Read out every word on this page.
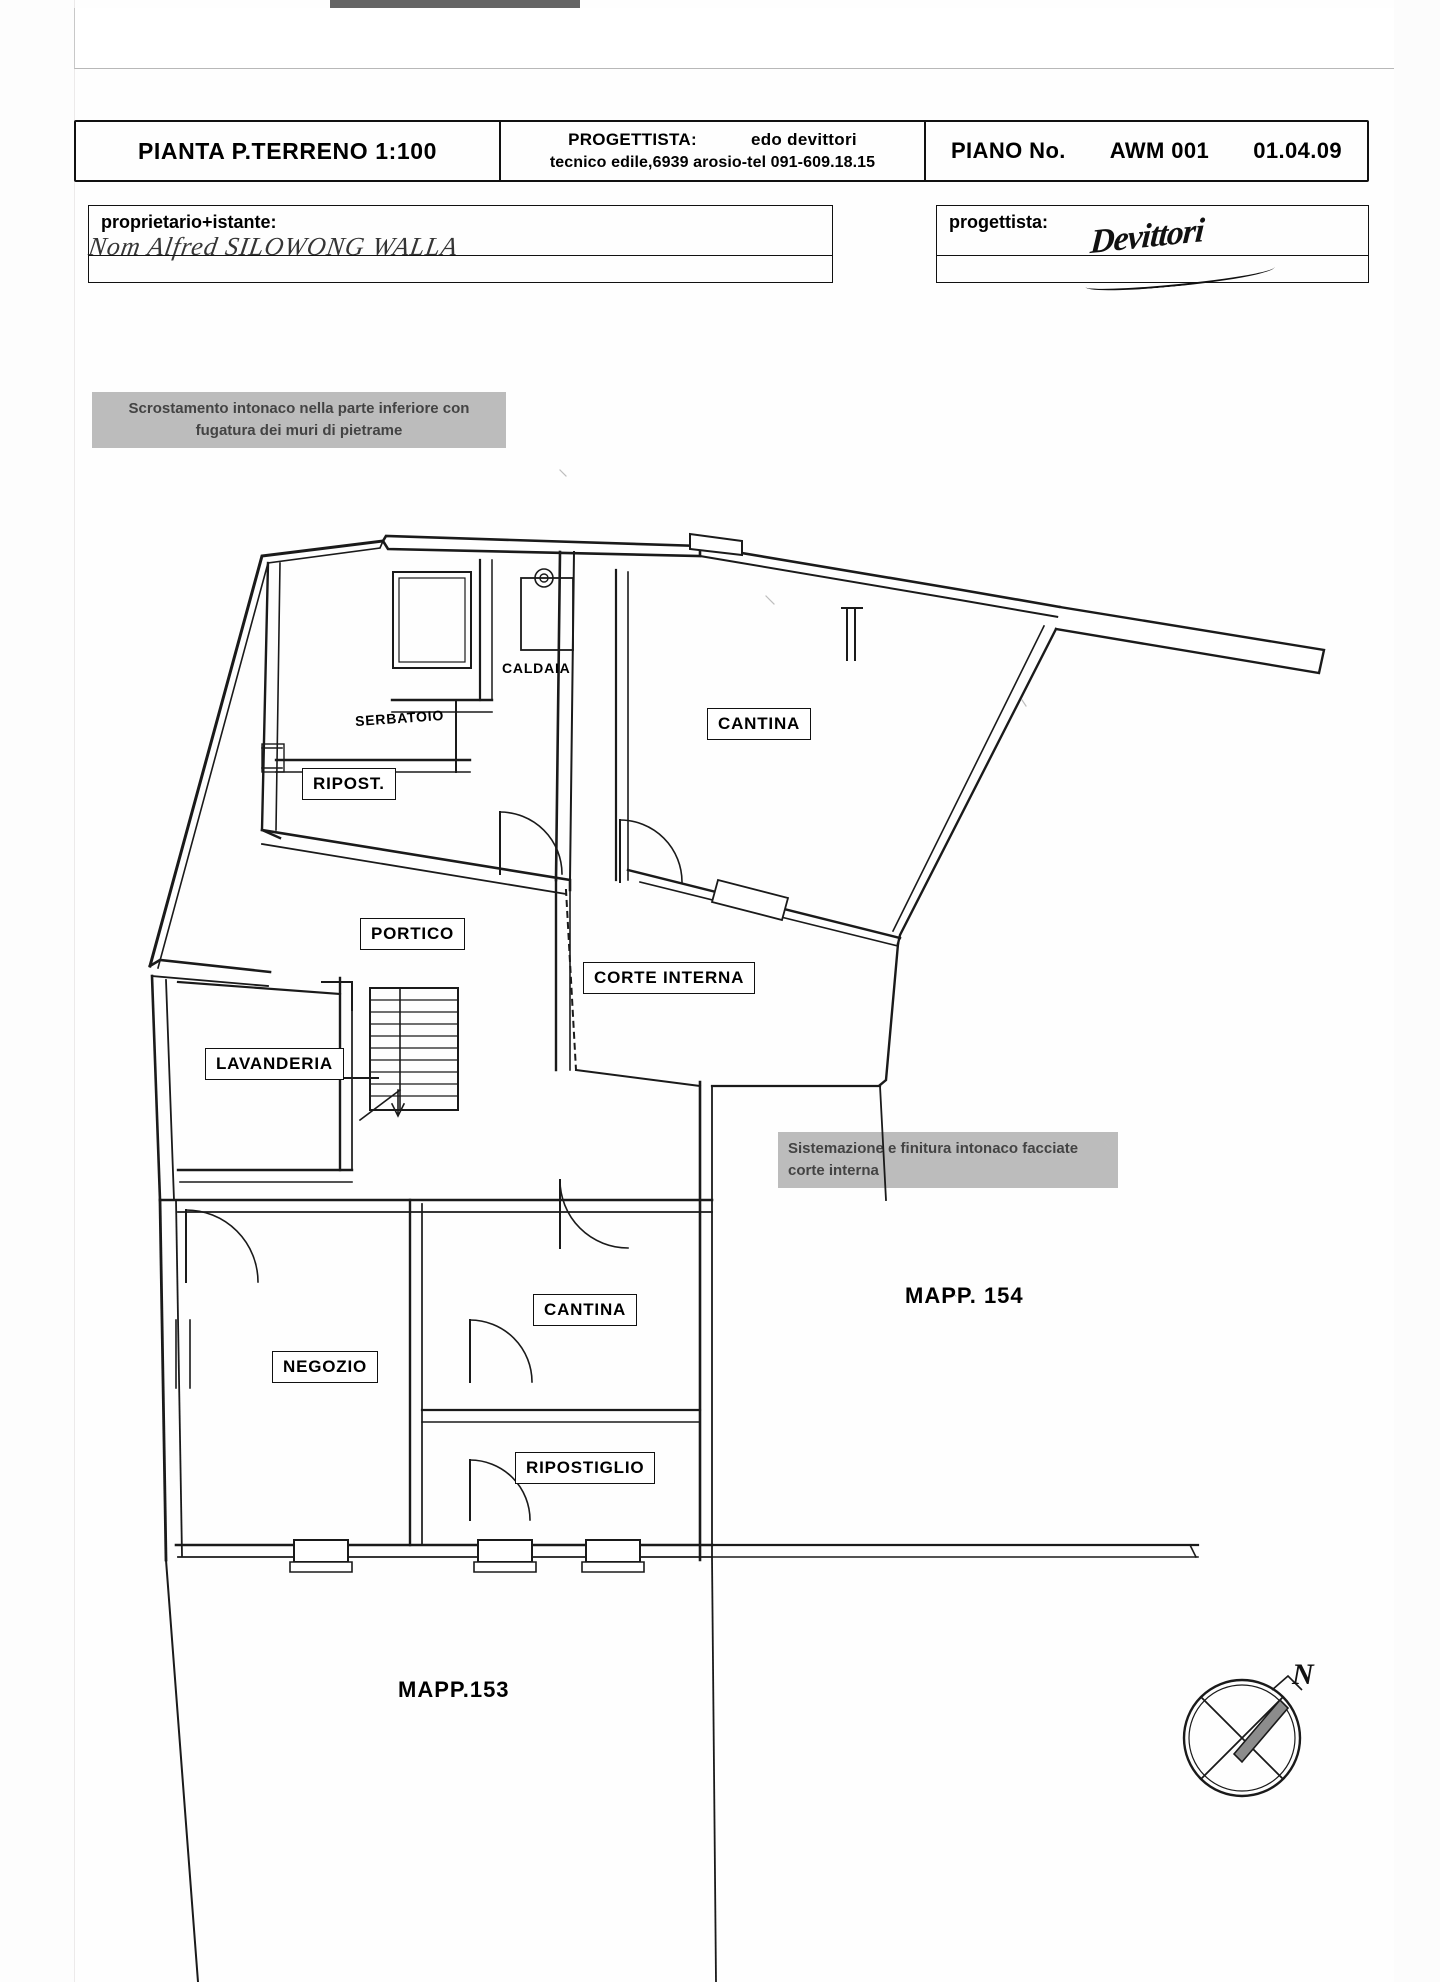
PIANTA P.TERRENO 1:100	PROGETTISTA:	edo devittori
tecnico edile,6939 arosio-tel 091-609.18.15	PIANO No. AWM 001 01.04.09
proprietario+istante:
Nom Alfred SILOWONG WALLA
progettista: Devittori
Scrostamento intonaco nella parte inferiore con fugatura dei muri di pietrame
Sistemazione e finitura intonaco facciate corte interna
CALDAIA
SERBATOIO
RIPOST.
CANTINA
PORTICO
CORTE INTERNA
LAVANDERIA
CANTINA
NEGOZIO
RIPOSTIGLIO
MAPP. 154
MAPP.153	N
